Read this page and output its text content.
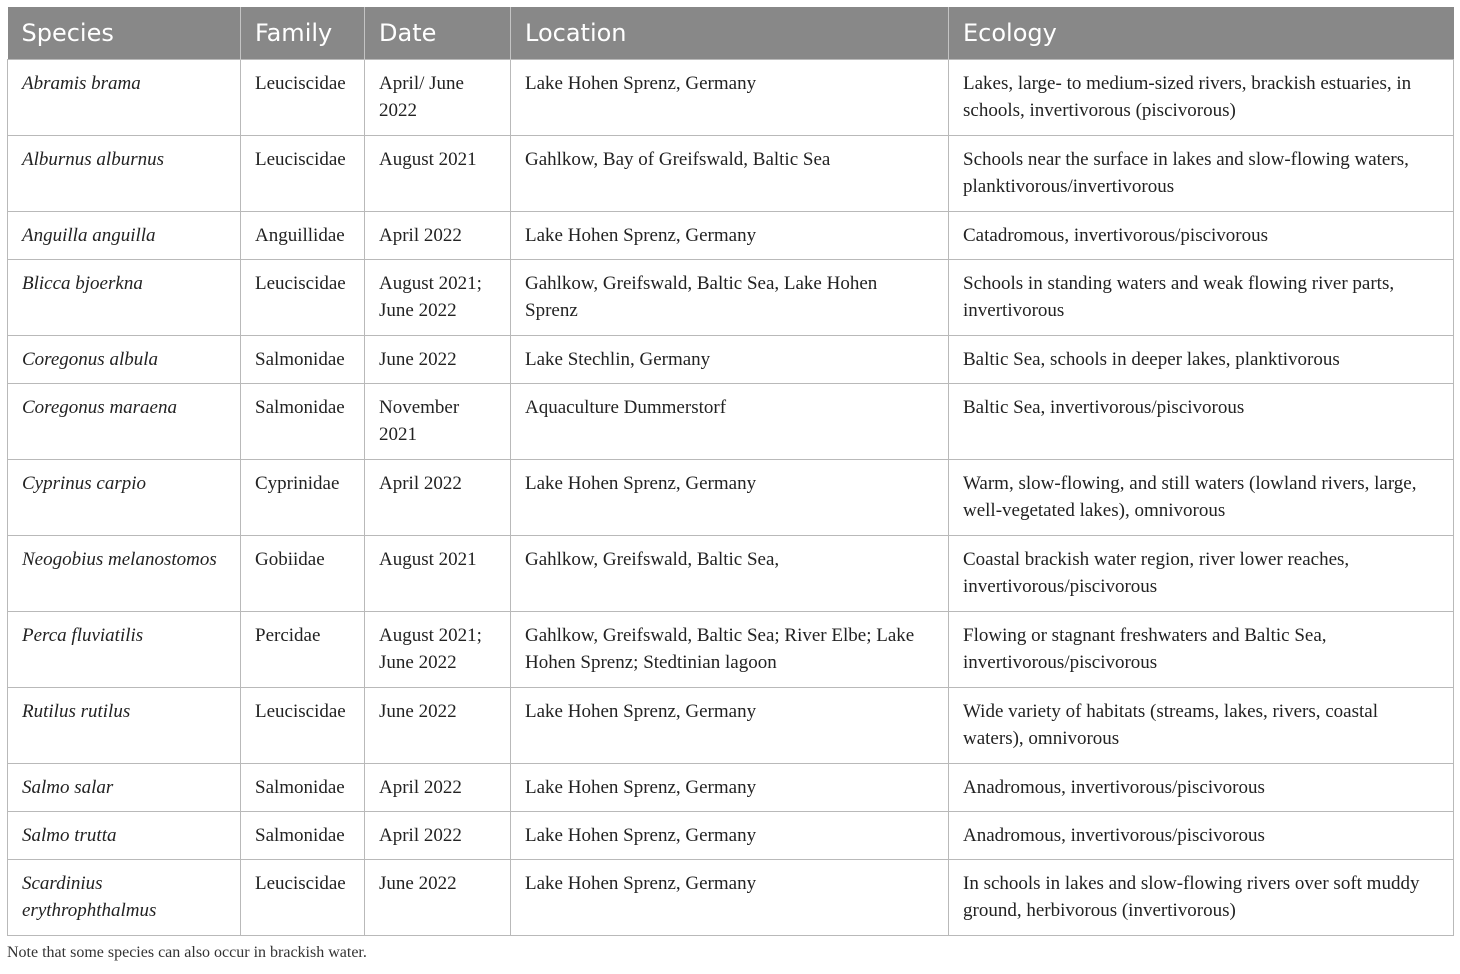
Species	Family	Date	Location	Ecology
Abramis brama	Leuciscidae	April/ June 2022	Lake Hohen Sprenz, Germany	Lakes, large- to medium-sized rivers, brackish estuaries, in schools, invertivorous (piscivorous)
Alburnus alburnus	Leuciscidae	August 2021	Gahlkow, Bay of Greifswald, Baltic Sea	Schools near the surface in lakes and slow-flowing waters, planktivorous/invertivorous
Anguilla anguilla	Anguillidae	April 2022	Lake Hohen Sprenz, Germany	Catadromous, invertivorous/piscivorous
Blicca bjoerkna	Leuciscidae	August 2021; June 2022	Gahlkow, Greifswald, Baltic Sea, Lake Hohen Sprenz	Schools in standing waters and weak flowing river parts, invertivorous
Coregonus albula	Salmonidae	June 2022	Lake Stechlin, Germany	Baltic Sea, schools in deeper lakes, planktivorous
Coregonus maraena	Salmonidae	November 2021	Aquaculture Dummerstorf	Baltic Sea, invertivorous/piscivorous
Cyprinus carpio	Cyprinidae	April 2022	Lake Hohen Sprenz, Germany	Warm, slow-flowing, and still waters (lowland rivers, large, well-vegetated lakes), omnivorous
Neogobius melanostomos	Gobiidae	August 2021	Gahlkow, Greifswald, Baltic Sea,	Coastal brackish water region, river lower reaches, invertivorous/piscivorous
Perca fluviatilis	Percidae	August 2021; June 2022	Gahlkow, Greifswald, Baltic Sea; River Elbe; Lake Hohen Sprenz; Stedtinian lagoon	Flowing or stagnant freshwaters and Baltic Sea, invertivorous/piscivorous
Rutilus rutilus	Leuciscidae	June 2022	Lake Hohen Sprenz, Germany	Wide variety of habitats (streams, lakes, rivers, coastal waters), omnivorous
Salmo salar	Salmonidae	April 2022	Lake Hohen Sprenz, Germany	Anadromous, invertivorous/piscivorous
Salmo trutta	Salmonidae	April 2022	Lake Hohen Sprenz, Germany	Anadromous, invertivorous/piscivorous
Scardinius erythrophthalmus	Leuciscidae	June 2022	Lake Hohen Sprenz, Germany	In schools in lakes and slow-flowing rivers over soft muddy ground, herbivorous (invertivorous)
Note that some species can also occur in brackish water.
